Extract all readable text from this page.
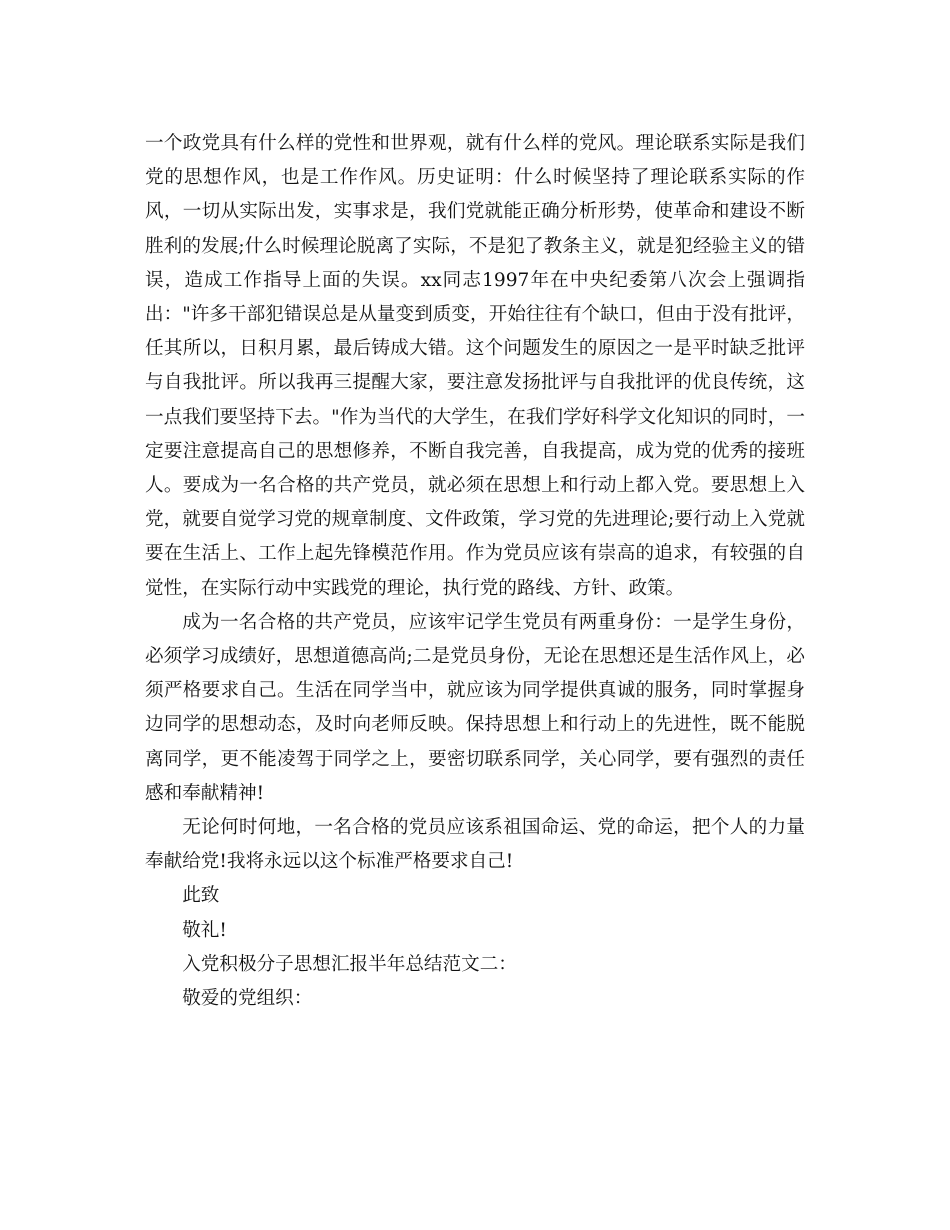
一个政党具有什么样的党性和世界观，就有什么样的党风。理论联系实际是我们党的思想作风，也是工作作风。历史证明：什么时候坚持了理论联系实际的作风，一切从实际出发，实事求是，我们党就能正确分析形势，使革命和建设不断胜利的发展;什么时候理论脱离了实际，不是犯了教条主义，就是犯经验主义的错误，造成工作指导上面的失误。xx同志1997年在中央纪委第八次会上强调指出："许多干部犯错误总是从量变到质变，开始往往有个缺口，但由于没有批评，任其所以，日积月累，最后铸成大错。这个问题发生的原因之一是平时缺乏批评与自我批评。所以我再三提醒大家，要注意发扬批评与自我批评的优良传统，这一点我们要坚持下去。"作为当代的大学生，在我们学好科学文化知识的同时，一定要注意提高自己的思想修养，不断自我完善，自我提高，成为党的优秀的接班人。要成为一名合格的共产党员，就必须在思想上和行动上都入党。要思想上入党，就要自觉学习党的规章制度、文件政策，学习党的先进理论;要行动上入党就要在生活上、工作上起先锋模范作用。作为党员应该有崇高的追求，有较强的自觉性，在实际行动中实践党的理论，执行党的路线、方针、政策。

成为一名合格的共产党员，应该牢记学生党员有两重身份：一是学生身份，必须学习成绩好，思想道德高尚;二是党员身份，无论在思想还是生活作风上，必须严格要求自己。生活在同学当中，就应该为同学提供真诚的服务，同时掌握身边同学的思想动态，及时向老师反映。保持思想上和行动上的先进性，既不能脱离同学，更不能凌驾于同学之上，要密切联系同学，关心同学，要有强烈的责任感和奉献精神!

无论何时何地，一名合格的党员应该系祖国命运、党的命运，把个人的力量奉献给党!我将永远以这个标准严格要求自己!

此致

敬礼!

入党积极分子思想汇报半年总结范文二：

敬爱的党组织：
